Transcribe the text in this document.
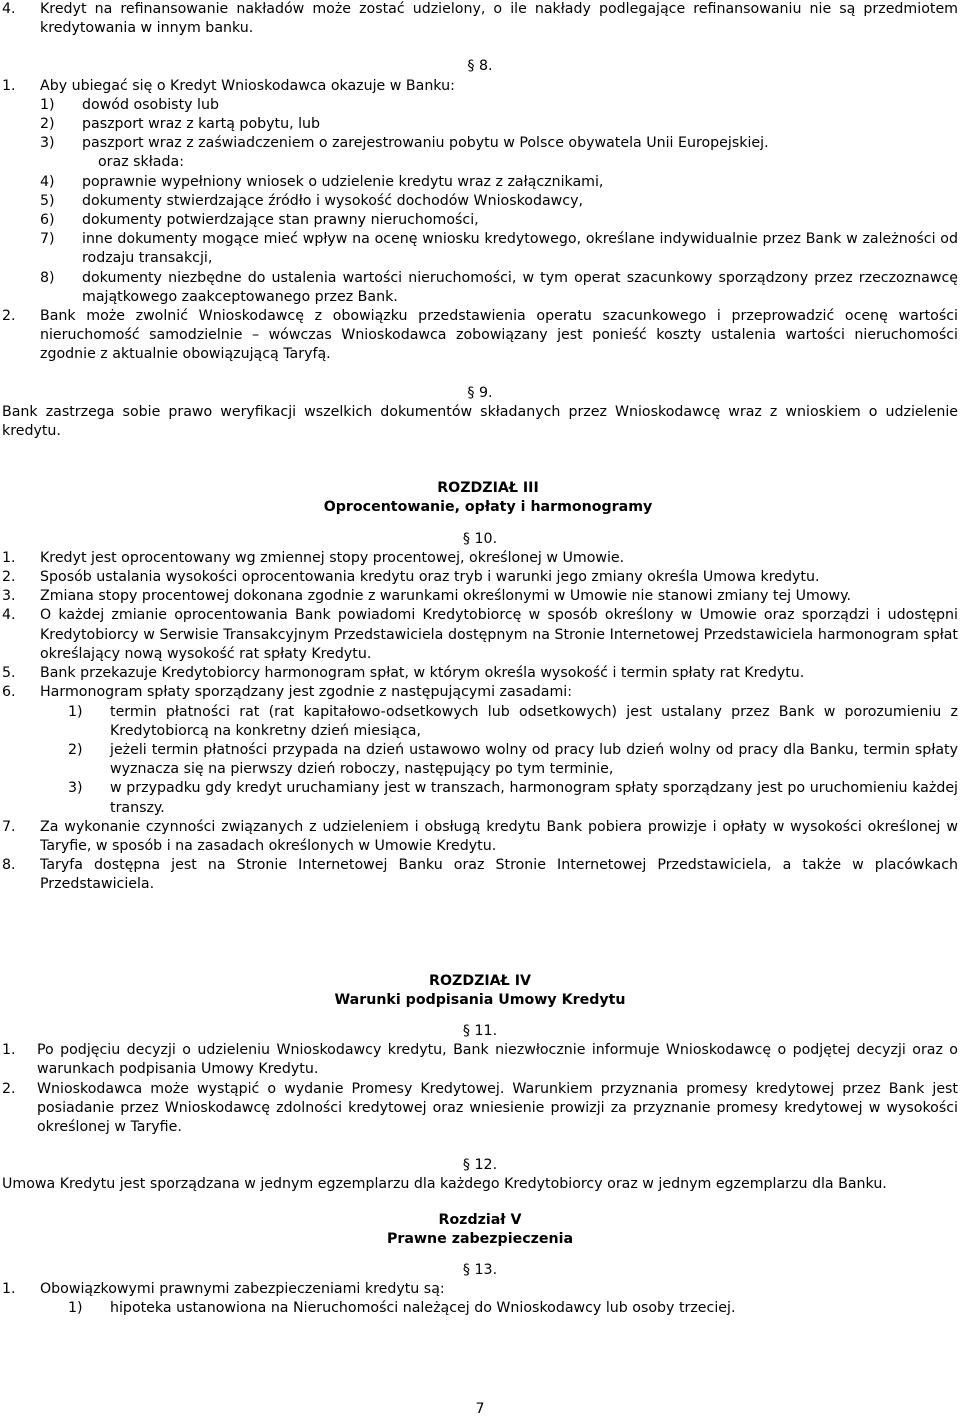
4.	Kredyt na refinansowanie nakładów może zostać udzielony, o ile nakłady podlegające refinansowaniu nie są przedmiotem kredytowania w innym banku.
§ 8.
1.	Aby ubiegać się o Kredyt Wnioskodawca okazuje w Banku:
1)	dowód osobisty lub
2)	paszport wraz z kartą pobytu, lub
3)	paszport wraz z zaświadczeniem o zarejestrowaniu pobytu w Polsce obywatela Unii Europejskiej.
oraz składa:
4)	poprawnie wypełniony wniosek o udzielenie kredytu wraz z załącznikami,
5)	dokumenty stwierdzające źródło i wysokość dochodów Wnioskodawcy,
6)	dokumenty potwierdzające stan prawny nieruchomości,
7)	inne dokumenty mogące mieć wpływ na ocenę wniosku kredytowego, określane indywidualnie przez Bank w zależności od rodzaju transakcji,
8)	dokumenty niezbędne do ustalenia wartości nieruchomości, w tym operat szacunkowy sporządzony przez rzeczoznawcę majątkowego zaakceptowanego przez Bank.
2.	Bank może zwolnić Wnioskodawcę z obowiązku przedstawienia operatu szacunkowego i przeprowadzić ocenę wartości nieruchomość samodzielnie – wówczas Wnioskodawca zobowiązany jest ponieść koszty ustalenia wartości nieruchomości zgodnie z aktualnie obowiązującą Taryfą.
§ 9.
Bank zastrzega sobie prawo weryfikacji wszelkich dokumentów składanych przez Wnioskodawcę wraz z wnioskiem o udzielenie kredytu.
ROZDZIAŁ III
Oprocentowanie, opłaty i harmonogramy
§ 10.
1.	Kredyt jest oprocentowany wg zmiennej stopy procentowej, określonej w Umowie.
2.	Sposób ustalania wysokości oprocentowania kredytu oraz tryb i warunki jego zmiany określa Umowa kredytu.
3.	Zmiana stopy procentowej dokonana zgodnie z warunkami określonymi w Umowie nie stanowi zmiany tej Umowy.
4.	O każdej zmianie oprocentowania Bank powiadomi Kredytobiorcę w sposób określony w Umowie oraz sporządzi i udostępni Kredytobiorcy w Serwisie Transakcyjnym Przedstawiciela dostępnym na Stronie Internetowej Przedstawiciela harmonogram spłat określający nową wysokość rat spłaty Kredytu.
5.	Bank przekazuje Kredytobiorcy harmonogram spłat, w którym określa wysokość i termin spłaty rat Kredytu.
6.	Harmonogram spłaty sporządzany jest zgodnie z następującymi zasadami:
1)	termin płatności rat (rat kapitałowo-odsetkowych lub odsetkowych) jest ustalany przez Bank w porozumieniu z Kredytobiorcą na konkretny dzień miesiąca,
2)	jeżeli termin płatności przypada na dzień ustawowo wolny od pracy lub dzień wolny od pracy dla Banku, termin spłaty wyznacza się na pierwszy dzień roboczy, następujący po tym terminie,
3)	w przypadku gdy kredyt uruchamiany jest w transzach, harmonogram spłaty sporządzany jest po uruchomieniu każdej transzy.
7.	Za wykonanie czynności związanych z udzieleniem i obsługą kredytu Bank pobiera prowizje i opłaty w wysokości określonej w Taryfie, w sposób i na zasadach określonych w Umowie Kredytu.
8.	Taryfa dostępna jest na Stronie Internetowej Banku oraz Stronie Internetowej Przedstawiciela, a także w placówkach Przedstawiciela.
ROZDZIAŁ IV
Warunki podpisania Umowy Kredytu
§ 11.
1.	Po podjęciu decyzji o udzieleniu Wnioskodawcy kredytu, Bank niezwłocznie informuje Wnioskodawcę o podjętej decyzji oraz o warunkach podpisania Umowy Kredytu.
2.	Wnioskodawca może wystąpić o wydanie Promesy Kredytowej. Warunkiem przyznania promesy kredytowej przez Bank jest posiadanie przez Wnioskodawcę zdolności kredytowej oraz wniesienie prowizji za przyznanie promesy kredytowej w wysokości określonej w Taryfie.
§ 12.
Umowa Kredytu jest sporządzana w jednym egzemplarzu dla każdego Kredytobiorcy oraz w jednym egzemplarzu dla Banku.
Rozdział V
Prawne zabezpieczenia
§ 13.
1.	Obowiązkowymi prawnymi zabezpieczeniami kredytu są:
1)	hipoteka ustanowiona na Nieruchomości należącej do Wnioskodawcy lub osoby trzeciej.
7
